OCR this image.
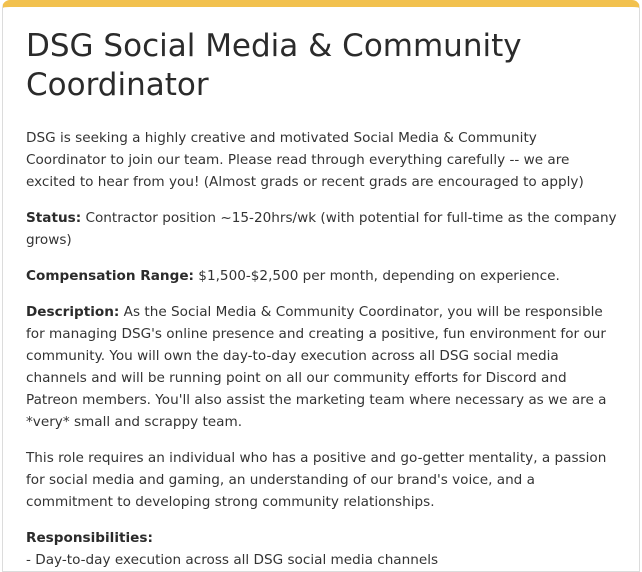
DSG Social Media & Community Coordinator

DSG is seeking a highly creative and motivated Social Media & Community Coordinator to join our team. Please read through everything carefully -- we are excited to hear from you! (Almost grads or recent grads are encouraged to apply)

Status: Contractor position ~15-20hrs/wk (with potential for full-time as the company grows)

Compensation Range: $1,500-$2,500 per month, depending on experience.

Description: As the Social Media & Community Coordinator, you will be responsible for managing DSG's online presence and creating a positive, fun environment for our community. You will own the day-to-day execution across all DSG social media channels and will be running point on all our community efforts for Discord and Patreon members. You'll also assist the marketing team where necessary as we are a *very* small and scrappy team.

This role requires an individual who has a positive and go-getter mentality, a passion for social media and gaming, an understanding of our brand's voice, and a commitment to developing strong community relationships.

Responsibilities:

- Day-to-day execution across all DSG social media channels
